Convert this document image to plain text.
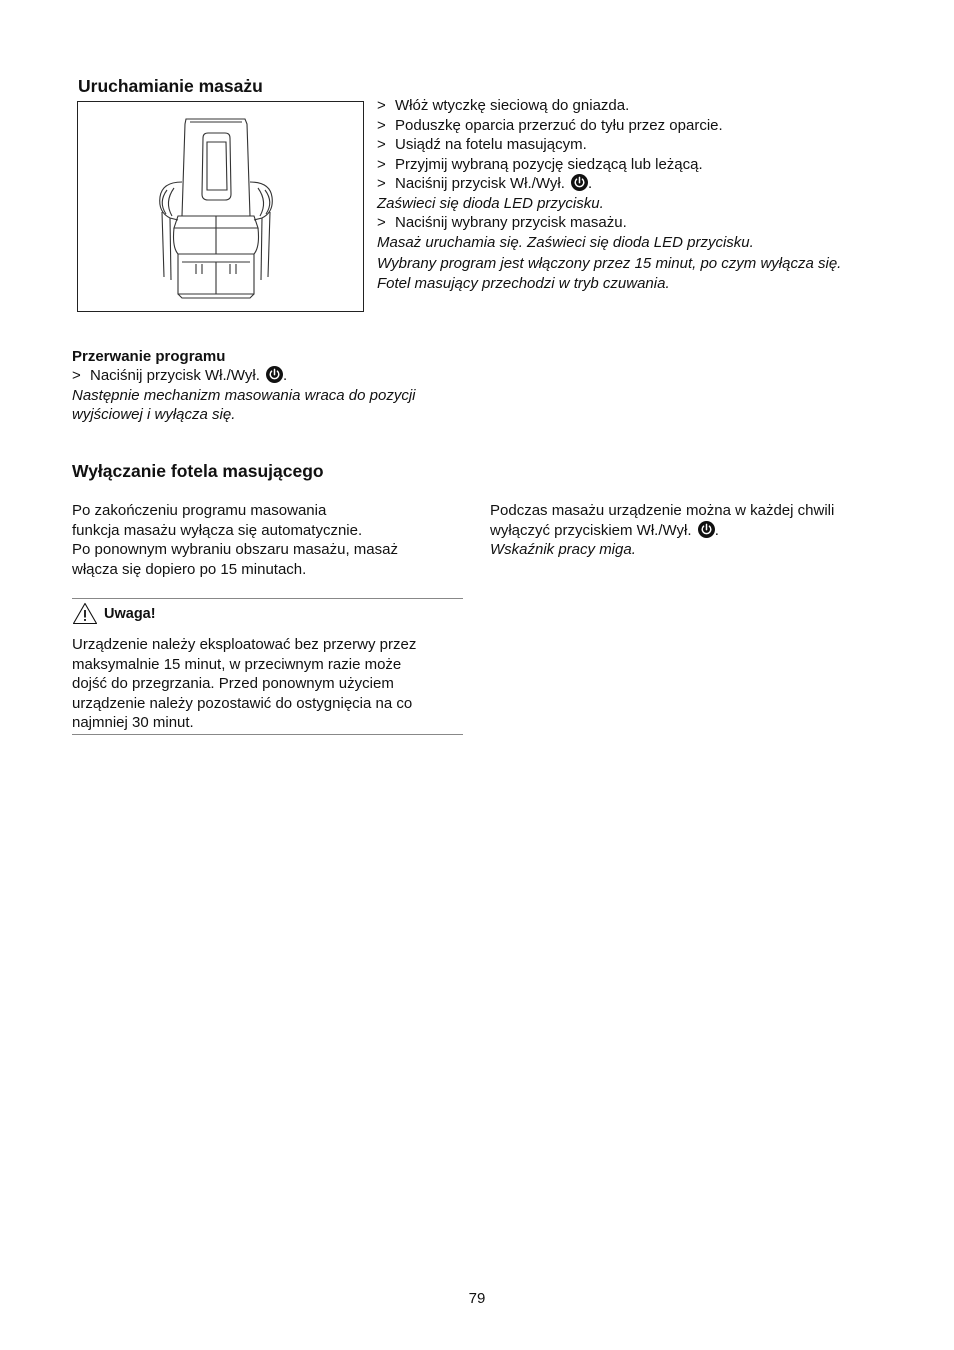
Uruchamianie masażu
> Włóż wtyczkę sieciową do gniazda.
> Poduszkę oparcia przerzuć do tyłu przez oparcie.
> Usiądź na fotelu masującym.
> Przyjmij wybraną pozycję siedzącą lub leżącą.
> Naciśnij przycisk Wł./Wył. .
Zaświeci się dioda LED przycisku.
> Naciśnij wybrany przycisk masażu.
Masaż uruchamia się. Zaświeci się dioda LED przycisku.
Wybrany program jest włączony przez 15 minut, po czym wyłącza się.
Fotel masujący przechodzi w tryb czuwania.
Przerwanie programu
> Naciśnij przycisk Wł./Wył. .
Następnie mechanizm masowania wraca do pozycji
wyjściowej i wyłącza się.
Wyłączanie fotela masującego
Po zakończeniu programu masowania
funkcja masażu wyłącza się automatycznie.
Po ponownym wybraniu obszaru masażu, masaż
włącza się dopiero po 15 minutach.
Podczas masażu urządzenie można w każdej chwili
wyłączyć przyciskiem Wł./Wył. .
Wskaźnik pracy miga.
Uwaga!
Urządzenie należy eksploatować bez przerwy przez
maksymalnie 15 minut, w przeciwnym razie może
dojść do przegrzania. Przed ponownym użyciem
urządzenie należy pozostawić do ostygnięcia na co
najmniej 30 minut.
79
